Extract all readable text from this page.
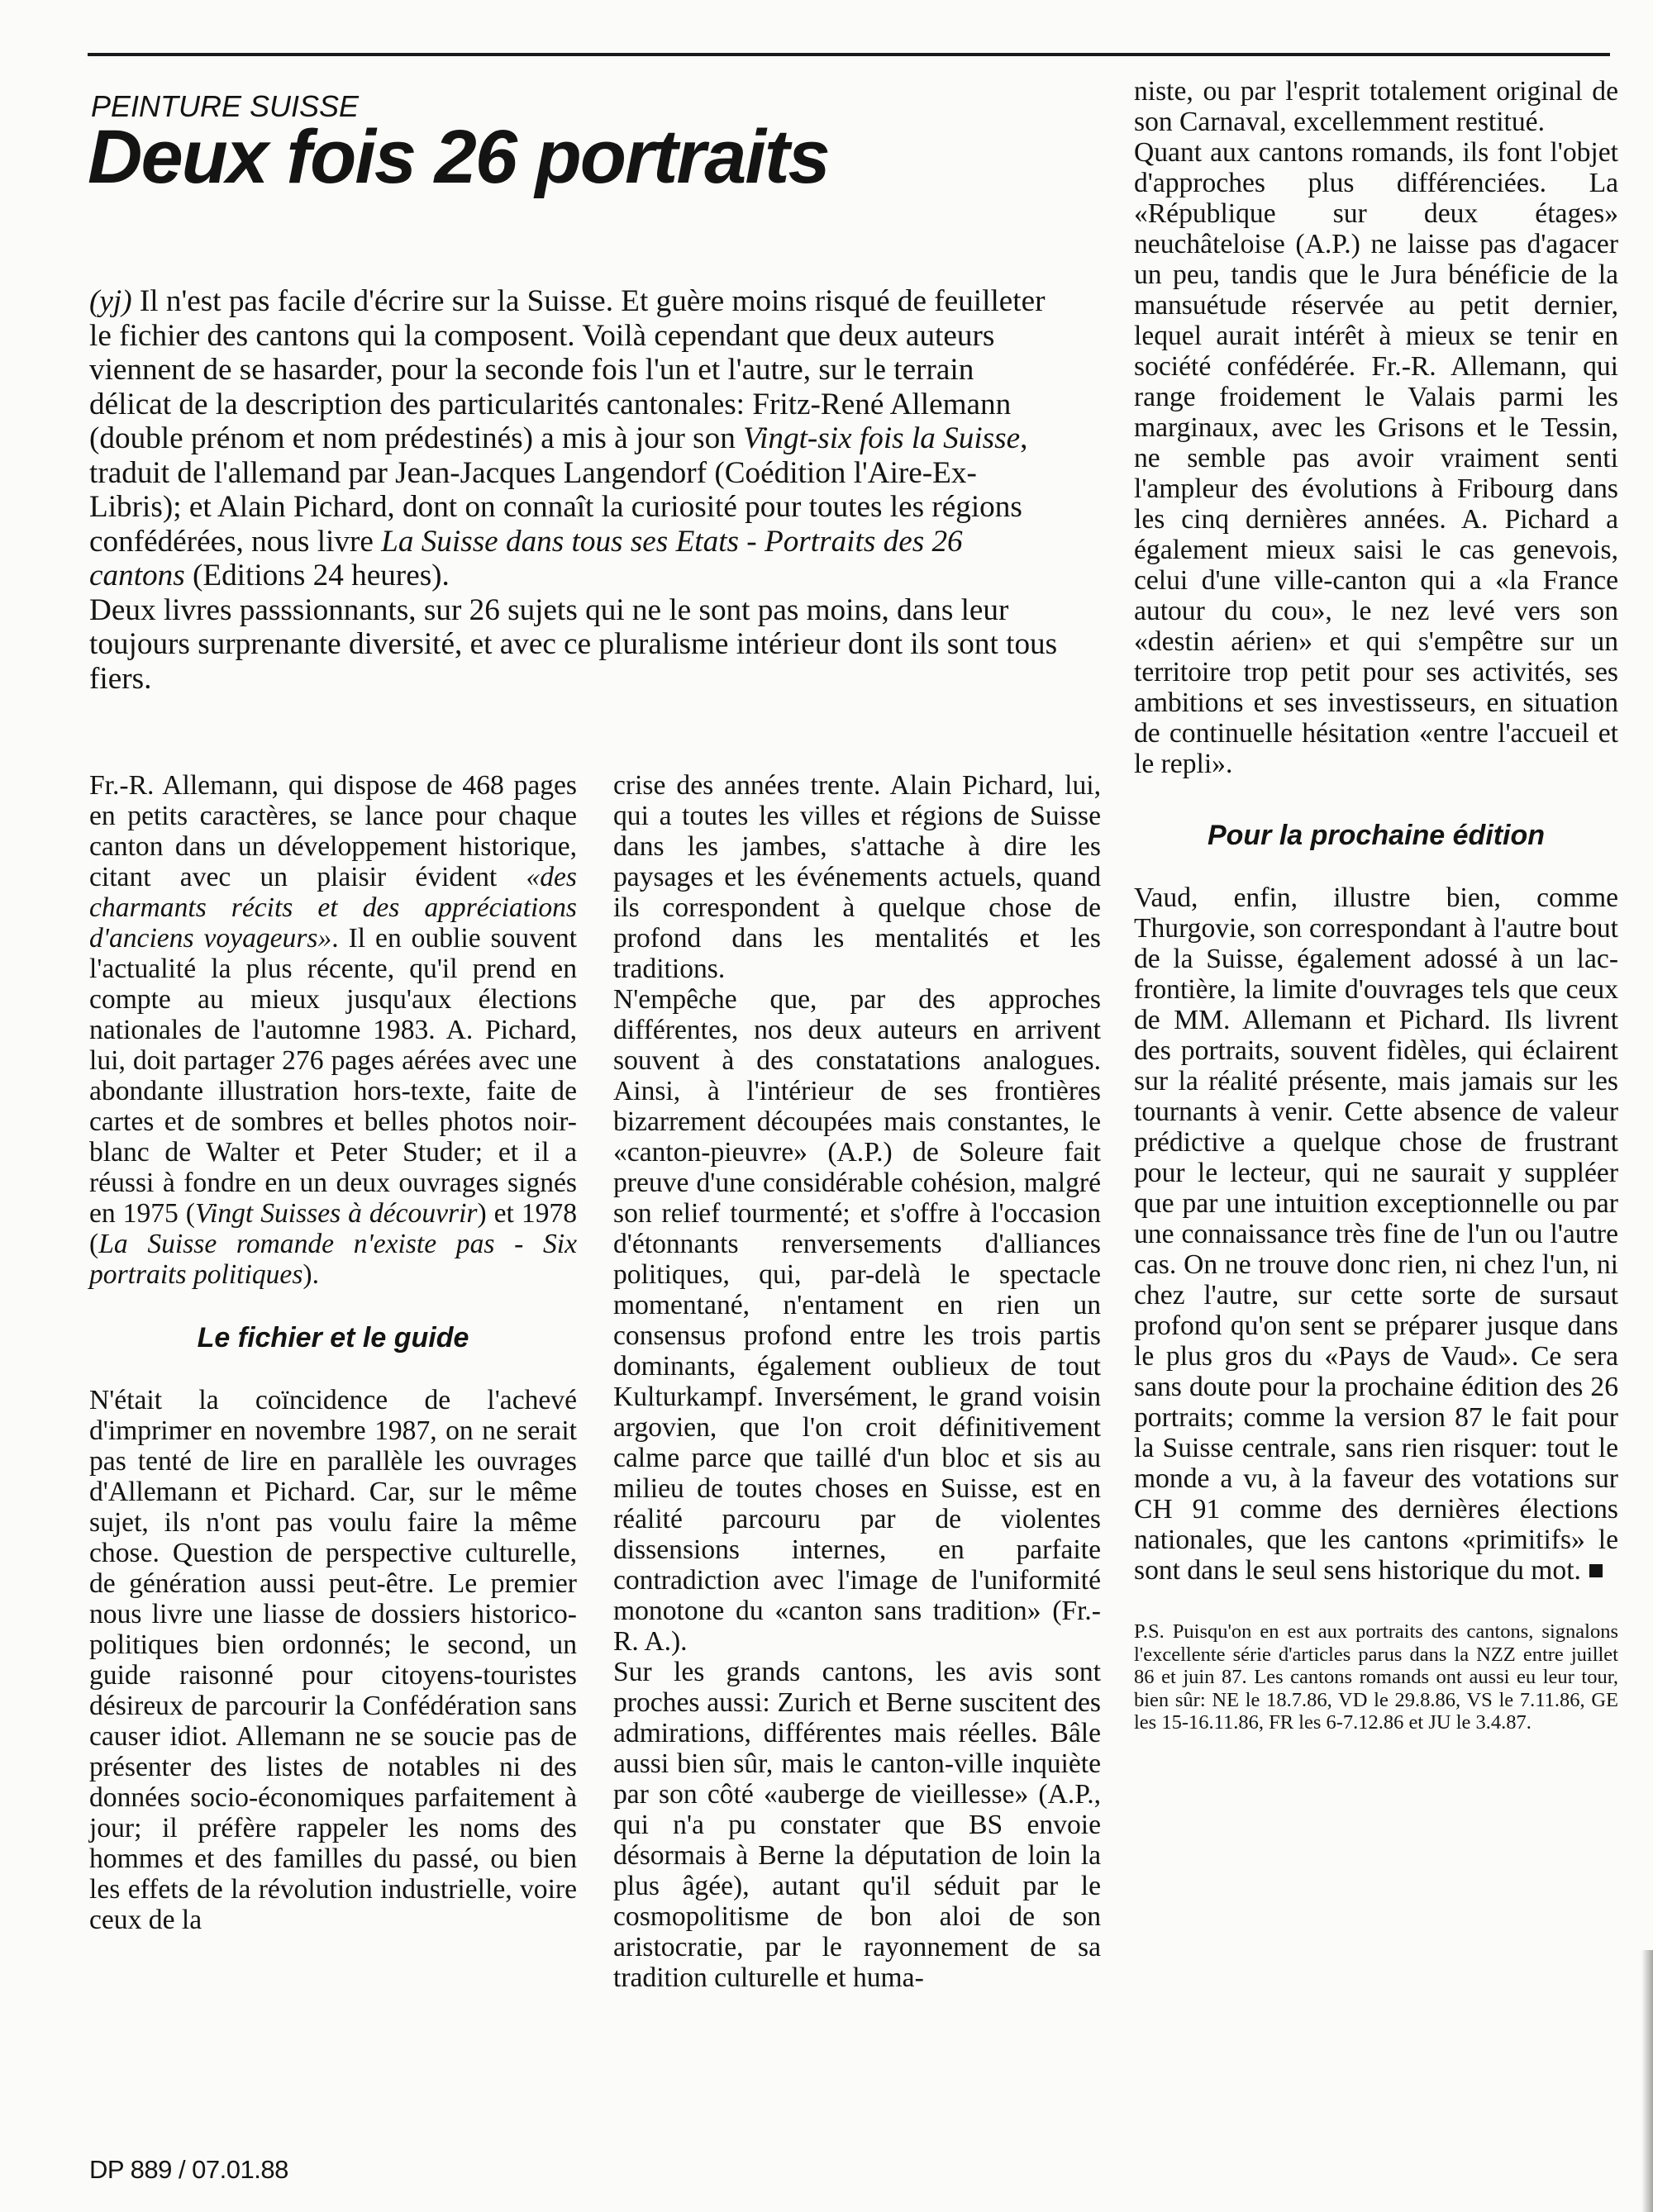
PEINTURE SUISSE
Deux fois 26 portraits

(yj) Il n'est pas facile d'écrire sur la Suisse. Et guère moins risqué de feuilleter le fichier des cantons qui la composent. Voilà cependant que deux auteurs viennent de se hasarder, pour la seconde fois l'un et l'autre, sur le terrain délicat de la description des particularités cantonales: Fritz-René Allemann (double prénom et nom prédestinés) a mis à jour son Vingt-six fois la Suisse, traduit de l'allemand par Jean-Jacques Langendorf (Coédition l'Aire-Ex-Libris); et Alain Pichard, dont on connaît la curiosité pour toutes les régions confédérées, nous livre La Suisse dans tous ses Etats - Portraits des 26 cantons (Editions 24 heures).

Deux livres passsionnants, sur 26 sujets qui ne le sont pas moins, dans leur toujours surprenante diversité, et avec ce pluralisme intérieur dont ils sont tous fiers.

Fr.-R. Allemann, qui dispose de 468 pages en petits caractères, se lance pour chaque canton dans un développement historique, citant avec un plaisir évident «des charmants récits et des appréciations d'anciens voyageurs». Il en oublie souvent l'actualité la plus récente, qu'il prend en compte au mieux jusqu'aux élections nationales de l'automne 1983. A. Pichard, lui, doit partager 276 pages aérées avec une abondante illustration hors-texte, faite de cartes et de sombres et belles photos noir-blanc de Walter et Peter Studer; et il a réussi à fondre en un deux ouvrages signés en 1975 (Vingt Suisses à découvrir) et 1978 (La Suisse romande n'existe pas - Six portraits politiques).

Le fichier et le guide

N'était la coïncidence de l'achevé d'imprimer en novembre 1987, on ne serait pas tenté de lire en parallèle les ouvrages d'Allemann et Pichard. Car, sur le même sujet, ils n'ont pas voulu faire la même chose. Question de perspective culturelle, de génération aussi peut-être. Le premier nous livre une liasse de dossiers historico-politiques bien ordonnés; le second, un guide raisonné pour citoyens-touristes désireux de parcourir la Confédération sans causer idiot. Allemann ne se soucie pas de présenter des listes de notables ni des données socio-économiques parfaitement à jour; il préfère rappeler les noms des hommes et des familles du passé, ou bien les effets de la révolution industrielle, voire ceux de la

crise des années trente. Alain Pichard, lui, qui a toutes les villes et régions de Suisse dans les jambes, s'attache à dire les paysages et les événements actuels, quand ils correspondent à quelque chose de profond dans les mentalités et les traditions.

N'empêche que, par des approches différentes, nos deux auteurs en arrivent souvent à des constatations analogues. Ainsi, à l'intérieur de ses frontières bizarrement découpées mais constantes, le «canton-pieuvre» (A.P.) de Soleure fait preuve d'une considérable cohésion, malgré son relief tourmenté; et s'offre à l'occasion d'étonnants renversements d'alliances politiques, qui, par-delà le spectacle momentané, n'entament en rien un consensus profond entre les trois partis dominants, également oublieux de tout Kulturkampf. Inversément, le grand voisin argovien, que l'on croit définitivement calme parce que taillé d'un bloc et sis au milieu de toutes choses en Suisse, est en réalité parcouru par de violentes dissensions internes, en parfaite contradiction avec l'image de l'uniformité monotone du «canton sans tradition» (Fr.-R. A.).

Sur les grands cantons, les avis sont proches aussi: Zurich et Berne suscitent des admirations, différentes mais réelles. Bâle aussi bien sûr, mais le canton-ville inquiète par son côté «auberge de vieillesse» (A.P., qui n'a pu constater que BS envoie désormais à Berne la députation de loin la plus âgée), autant qu'il séduit par le cosmopolitisme de bon aloi de son aristocratie, par le rayonnement de sa tradition culturelle et huma-

niste, ou par l'esprit totalement original de son Carnaval, excellemment restitué.

Quant aux cantons romands, ils font l'objet d'approches plus différenciées. La «République sur deux étages» neuchâteloise (A.P.) ne laisse pas d'agacer un peu, tandis que le Jura bénéficie de la mansuétude réservée au petit dernier, lequel aurait intérêt à mieux se tenir en société confédérée. Fr.-R. Allemann, qui range froidement le Valais parmi les marginaux, avec les Grisons et le Tessin, ne semble pas avoir vraiment senti l'ampleur des évolutions à Fribourg dans les cinq dernières années. A. Pichard a également mieux saisi le cas genevois, celui d'une ville-canton qui a «la France autour du cou», le nez levé vers son «destin aérien» et qui s'empêtre sur un territoire trop petit pour ses activités, ses ambitions et ses investisseurs, en situation de continuelle hésitation «entre l'accueil et le repli».

Pour la prochaine édition

Vaud, enfin, illustre bien, comme Thurgovie, son correspondant à l'autre bout de la Suisse, également adossé à un lac-frontière, la limite d'ouvrages tels que ceux de MM. Allemann et Pichard. Ils livrent des portraits, souvent fidèles, qui éclairent sur la réalité présente, mais jamais sur les tournants à venir. Cette absence de valeur prédictive a quelque chose de frustrant pour le lecteur, qui ne saurait y suppléer que par une intuition exceptionnelle ou par une connaissance très fine de l'un ou l'autre cas. On ne trouve donc rien, ni chez l'un, ni chez l'autre, sur cette sorte de sursaut profond qu'on sent se préparer jusque dans le plus gros du «Pays de Vaud». Ce sera sans doute pour la prochaine édition des 26 portraits; comme la version 87 le fait pour la Suisse centrale, sans rien risquer: tout le monde a vu, à la faveur des votations sur CH 91 comme des dernières élections nationales, que les cantons «primitifs» le sont dans le seul sens historique du mot.

P.S. Puisqu'on en est aux portraits des cantons, signalons l'excellente série d'articles parus dans la NZZ entre juillet 86 et juin 87. Les cantons romands ont aussi eu leur tour, bien sûr: NE le 18.7.86, VD le 29.8.86, VS le 7.11.86, GE les 15-16.11.86, FR les 6-7.12.86 et JU le 3.4.87.

DP 889 / 07.01.88
